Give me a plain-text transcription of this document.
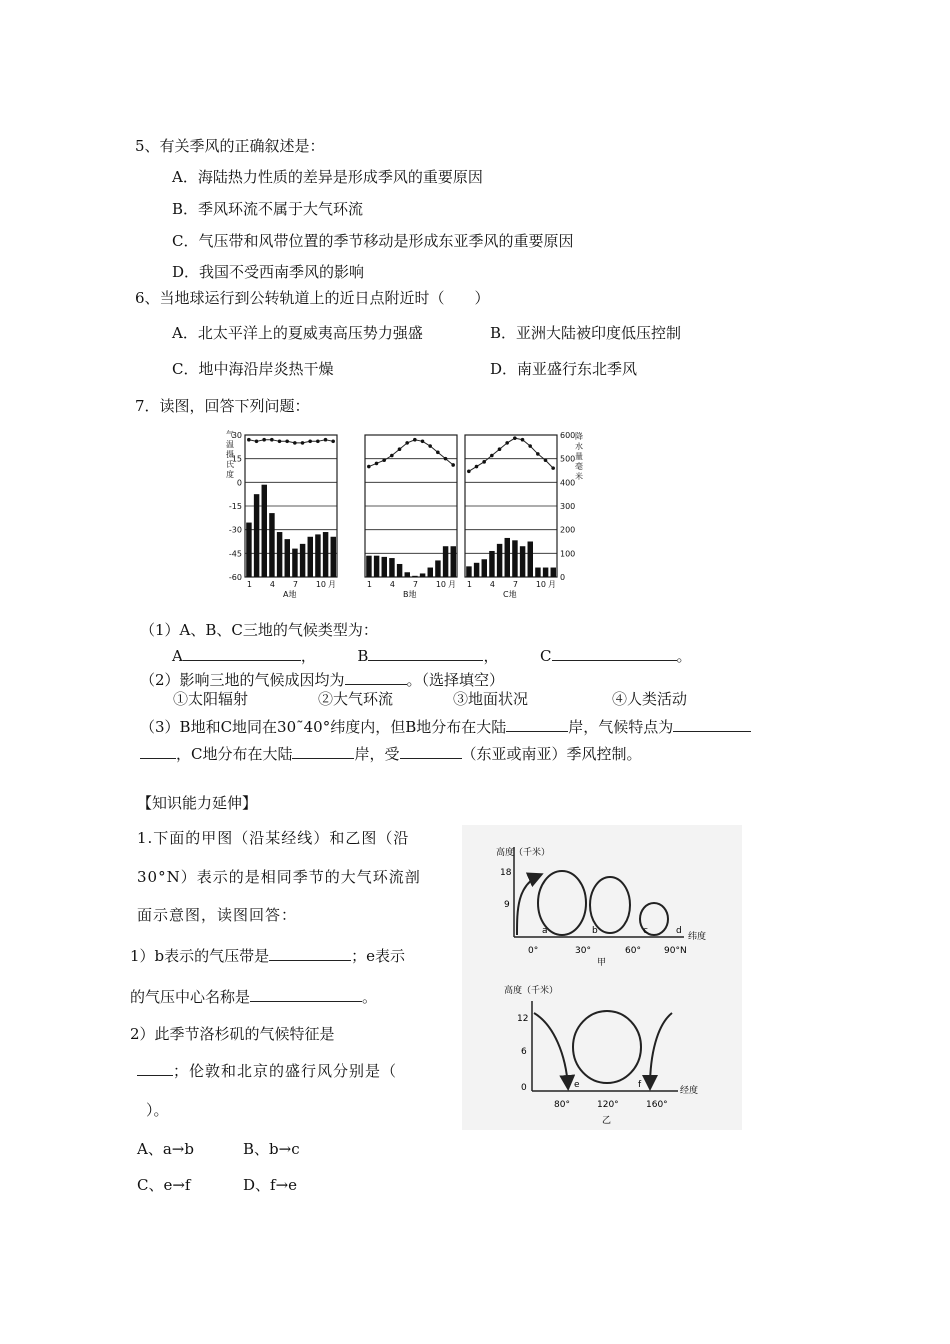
5、有关季风的正确叙述是：
A．海陆热力性质的差异是形成季风的重要原因
B．季风环流不属于大气环流
C．气压带和风带位置的季节移动是形成东亚季风的重要原因
D．我国不受西南季风的影响
6、当地球运行到公转轨道上的近日点附近时（　　）
A．北太平洋上的夏威夷高压势力强盛	B．亚洲大陆被印度低压控制
C．地中海沿岸炎热干燥	D．南亚盛行东北季风
7．读图，回答下列问题：
1 4 7 10 月
A地
1 4 7 10 月
B地
1 4 7 10 月
C地
30
15
0
-15
-30
-45
-60
600
500
400
300
200
100
0
气
温
摄
氏
度
降
水
量
毫
米
（1）A、B、C三地的气候类型为：
A	，	B	，	C	。
（2）影响三地的气候成因均为	。（选择填空）
①太阳辐射	②大气环流	③地面状况	④人类活动
（3）B地和C地同在30˜40°纬度内，但B地分布在大陆	岸，气候特点为
，C地分布在大陆	岸，受	（东亚或南亚）季风控制。
【知识能力延伸】
1.下面的甲图（沿某经线）和乙图（沿
30°N）表示的是相同季节的大气环流剖
面示意图，读图回答：
1）b表示的气压带是	；e表示
的气压中心名称是	。
2）此季节洛杉矶的气候特征是
；伦敦和北京的盛行风分别是（
）。
A、a→b	B、b→c
C、e→f	D、f→e
高度（千米）
18
9
a	b	c	d
0°	30°	60°	90°N
纬度
甲
高度（千米）
12
6
0	e	f
80°	120°	160°
经度
乙
